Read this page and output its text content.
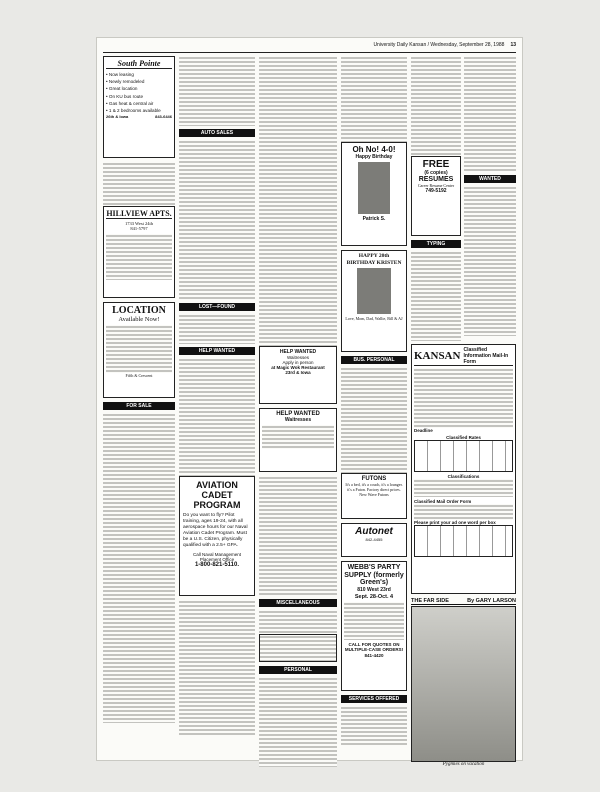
University Daily Kansan / Wednesday, September 28, 1988 13
South Pointe
• Now leasing
• Newly remodeled
• Great location
• On KU bus route
• Gas heat & central air
• 1 & 2 bedrooms available
26th & Iowa	843-6446
HILLVIEW APTS.
1733 West 24th
841-5797
LOCATION
Available Now!
Fifth & Crescent
FOR SALE
AUTO SALES
LOST—FOUND
HELP WANTED
AVIATION CADET PROGRAM
Do you want to fly? Pilot training, ages 19-24, with all aerospace hours for our Naval Aviation Cadet Program. Must be a U.S. Citizen, physically qualified with a 2.5+ GPA.
Call Naval Management Placement Office
1-800-821-5110.
HELP WANTED
Waitresses
Apply in person
at Magic Wok Restaurant
23rd & Iowa
HELP WANTED
Waitresses
MISCELLANEOUS
PERSONAL
Oh No! 4-0!
Happy Birthday
Patrick S.
HAPPY 20th BIRTHDAY KRISTEN
Love, Mom, Dad, Wallie, Bill & AJ
BUS. PERSONAL
FUTONS
It's a bed, it's a couch, it's a lounger. it's a Futon. Factory direct prices. New Wave Futons
Autonet
842-4455
WEBB'S PARTY SUPPLY (formerly Green's)
810 West 23rd
Sept. 28-Oct. 4
CALL FOR QUOTES ON MULTIPLE-CASE ORDERS! 841-4420
SERVICES OFFERED
FREE
(6 copies)
RESUMES
Career Resume Center
749-5192
TYPING
WANTED
KANSAN Classified Information Mail-In Form
Deadline
Classified Rates
Classifications
Classified Mail Order Form
Please print your ad one word per box
THE FAR SIDE	By GARY LARSON
Pygmies on vacation
